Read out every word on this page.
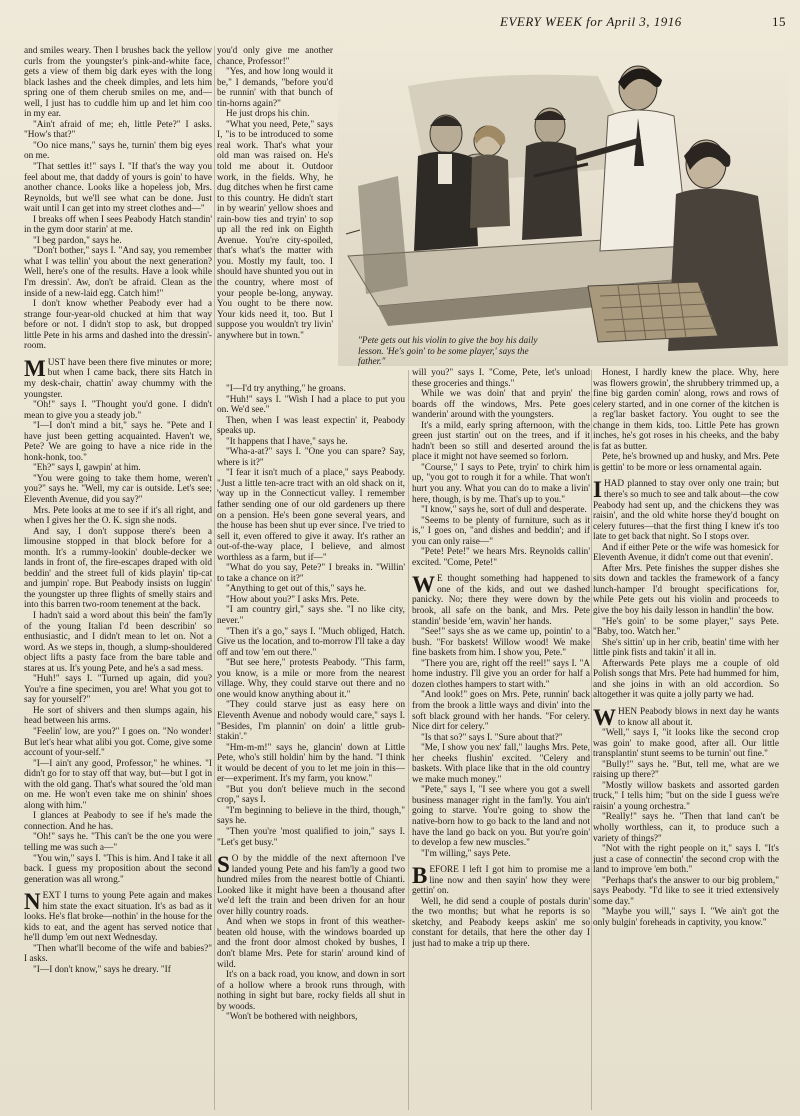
EVERY WEEK for April 3, 1916	15
"Pete gets out his violin to give the boy his daily lesson. 'He's goin' to be some player,' says the father."

and smiles weary. Then I brushes back the yellow curls from the youngster's pink-and-white face, gets a view of them big dark eyes with the long black lashes and the cheek dimples, and lets him spring one of them cherub smiles on me, and—well, I just has to cuddle him up and let him coo in my ear.

"Ain't afraid of me; eh, little Pete?" I asks. "How's that?"

"Oo nice mans," says he, turnin' them big eyes on me.

"That settles it!" says I. "If that's the way you feel about me, that daddy of yours is goin' to have another chance. Looks like a hopeless job, Mrs. Reynolds, but we'll see what can be done. Just wait until I can get into my street clothes and—"

I breaks off when I sees Peabody Hatch standin' in the gym door starin' at me.

"I beg pardon," says he.

"Don't bother," says I. "And say, you remember what I was tellin' you about the next generation? Well, here's one of the results. Have a look while I'm dressin'. Aw, don't be afraid. Clean as the inside of a new-laid egg. Catch him!"

I don't know whether Peabody ever had a strange four-year-old chucked at him that way before or not. I didn't stop to ask, but dropped little Pete in his arms and dashed into the dressin'-room.

MUST have been there five minutes or more; but when I came back, there sits Hatch in my desk-chair, chattin' away chummy with the youngster.

"Oh!" says I. "Thought you'd gone. I didn't mean to give you a steady job."

"I—I don't mind a bit," says he. "Pete and I have just been getting acquainted. Haven't we, Pete? We are going to have a nice ride in the honk-honk, too."

"Eh?" says I, gawpin' at him.

"You were going to take them home, weren't you?" says he. "Well, my car is outside. Let's see; Eleventh Avenue, did you say?"

Mrs. Pete looks at me to see if it's all right, and when I gives her the O. K. sign she nods.

And say, I don't suppose there's been a limousine stopped in that block before for a month. It's a rummy-lookin' double-decker we lands in front of, the fire-escapes draped with old beddin' and the street full of kids playin' tip-cat and jumpin' rope. But Peabody insists on luggin' the youngster up three flights of smelly stairs and into this barren two-room tenement at the back.

I hadn't said a word about this bein' the fam'ly of the young Italian I'd been describin' so enthusiastic, and I didn't mean to let on. Not a word. As we steps in, though, a slump-shouldered object lifts a pasty face from the bare table and stares at us. It's young Pete, and he's a sad mess.

"Huh!" says I. "Turned up again, did you? You're a fine specimen, you are! What you got to say for yourself?"

He sort of shivers and then slumps again, his head between his arms.

"Feelin' low, are you?" I goes on. "No wonder! But let's hear what alibi you got. Come, give some account of your-self."

"I—I ain't any good, Professor," he whines. "I didn't go for to stay off that way, but—but I got in with the old gang. That's what soured the 'old man on me. He won't even take me on shinin' shoes along with him."

I glances at Peabody to see if he's made the connection. And he has.

"Oh!" says he. "This can't be the one you were telling me was such a—"

"You win," says I. "This is him. And I take it all back. I guess my proposition about the second generation was all wrong."

NEXT I turns to young Pete again and makes him state the exact situation. It's as bad as it looks. He's flat broke—nothin' in the house for the kids to eat, and the agent has served notice that he'll dump 'em out next Wednesday.

"Then what'll become of the wife and babies?" I asks.

"I—I don't know," says he dreary. "If

you'd only give me another chance, Professor!"

"Yes, and how long would it be," I demands, "before you'd be runnin' with that bunch of tin-horns again?"

He just drops his chin.

"What you need, Pete," says I, "is to be introduced to some real work. That's what your old man was raised on. He's told me about it. Outdoor work, in the fields. Why, he dug ditches when he first came to this country. He didn't start in by wearin' yellow shoes and rain-bow ties and tryin' to sop up all the red ink on Eighth Avenue. You're city-spoiled, that's what's the matter with you. Mostly my fault, too. I should have shunted you out in the country, where most of your people be-long, anyway. You ought to be there now. Your kids need it, too. But I suppose you wouldn't try livin' anywhere but in town."

"I—I'd try anything," he groans.

"Huh!" says I. "Wish I had a place to put you on. We'd see."

Then, when I was least expectin' it, Peabody speaks up.

"It happens that I have," says he.

"Wha-a-at?" says I. "One you can spare? Say, where is it?"

"I fear it isn't much of a place," says Peabody. "Just a little ten-acre tract with an old shack on it, 'way up in the Connecticut valley. I remember father sending one of our old gardeners up there on a pension. He's been gone several years, and the house has been shut up ever since. I've tried to sell it, even offered to give it away. It's rather an out-of-the-way place, I believe, and almost worthless as a farm, but if—"

"What do you say, Pete?" I breaks in. "Willin' to take a chance on it?"

"Anything to get out of this," says he.

"How about you?" I asks Mrs. Pete.

"I am country girl," says she. "I no like city, never."

"Then it's a go," says I. "Much obliged, Hatch. Give us the location, and to-morrow I'll take a day off and tow 'em out there."

"But see here," protests Peabody. "This farm, you know, is a mile or more from the nearest village. Why, they could starve out there and no one would know anything about it."

"They could starve just as easy here on Eleventh Avenue and nobody would care," says I. "Besides, I'm plannin' on doin' a little grub-stakin'."

"Hm-m-m!" says he, glancin' down at Little Pete, who's still holdin' him by the hand. "I think it would be decent of you to let me join in this—er—experiment. It's my farm, you know."

"But you don't believe much in the second crop," says I.

"I'm beginning to believe in the third, though," says he.

"Then you're 'most qualified to join," says I. "Let's get busy."

S O by the middle of the next afternoon I've landed young Pete and his fam'ly a good two hundred miles from the nearest bottle of Chianti. Looked like it might have been a thousand after we'd left the train and been driven for an hour over hilly country roads.

And when we stops in front of this weather-beaten old house, with the windows boarded up and the front door almost choked by bushes, I don't blame Mrs. Pete for starin' around kind of wild.

It's on a back road, you know, and down in sort of a hollow where a brook runs through, with nothing in sight but bare, rocky fields all shut in by woods.

"Won't be bothered with neighbors,

will you?" says I. "Come, Pete, let's unload these groceries and things."

While we was doin' that and pryin' the boards off the windows, Mrs. Pete goes wanderin' around with the youngsters.

It's a mild, early spring afternoon, with the green just startin' out on the trees, and if it hadn't been so still and deserted around the place it might not have seemed so forlorn.

"Course," I says to Pete, tryin' to chirk him up, "you got to rough it for a while. That won't hurt you any. What you can do to make a livin' here, though, is by me. That's up to you."

"I know," says he, sort of dull and desperate.

"Seems to be plenty of furniture, such as it is," I goes on, "and dishes and beddin'; and if you can only raise—"

"Pete! Pete!" we hears Mrs. Reynolds callin' excited. "Come, Pete!"

W E thought something had happened to one of the kids, and out we dashed panicky. No; there they were down by the brook, all safe on the bank, and Mrs. Pete standin' beside 'em, wavin' her hands.

"See!" says she as we came up, pointin' to a bush. "For baskets! Willow wood! We make fine baskets from him. I show you, Pete."

"There you are, right off the reel!" says I. "A home industry. I'll give you an order for half a dozen clothes hampers to start with."

"And look!" goes on Mrs. Pete, runnin' back from the brook a little ways and divin' into the soft black ground with her hands. "For celery. Nice dirt for celery."

"Is that so?" says I. "Sure about that?"

"Me, I show you nex' fall," laughs Mrs. Pete, her cheeks flushin' excited. "Celery and baskets. With place like that in the old country we make much money."

"Pete," says I, "I see where you got a swell business manager right in the fam'ly. You ain't going to starve. You're going to show the native-born how to go back to the land and not have the land go back on you. But you're goin' to develop a few new muscles."

"I'm willing," says Pete.

BEFORE I left I got him to promise me a line now and then sayin' how they were gettin' on.

Well, he did send a couple of postals durin' the two months; but what he reports is so sketchy, and Peabody keeps askin' me so constant for details, that here the other day I just had to make a trip up there.

Honest, I hardly knew the place. Why, here was flowers growin', the shrubbery trimmed up, a fine big garden comin' along, rows and rows of celery started, and in one corner of the kitchen is a reg'lar basket factory. You ought to see the change in them kids, too. Little Pete has grown inches, he's got roses in his cheeks, and the baby is fat as butter.

Pete, he's browned up and husky, and Mrs. Pete is gettin' to be more or less ornamental again.

IHAD planned to stay over only one train; but there's so much to see and talk about—the cow Peabody had sent up, and the chickens they was raisin', and the old white horse they'd bought on celery futures—that the first thing I knew it's too late to get back that night. So I stops over.

And if either Pete or the wife was homesick for Eleventh Avenue, it didn't come out that evenin'.

After Mrs. Pete finishes the supper dishes she sits down and tackles the framework of a fancy lunch-hamper I'd brought specifications for, while Pete gets out his violin and proceeds to give the boy his daily lesson in handlin' the bow.

"He's goin' to be some player," says Pete. "Baby, too. Watch her."

She's sittin' up in her crib, beatin' time with her little pink fists and takin' it all in.

Afterwards Pete plays me a couple of old Polish songs that Mrs. Pete had hummed for him, and she joins in with an old accordion. So altogether it was quite a jolly party we had.

WHEN Peabody blows in next day he wants to know all about it.

"Well," says I, "it looks like the second crop was goin' to make good, after all. Our little transplantin' stunt seems to be turnin' out fine."

"Bully!" says he. "But, tell me, what are we raising up there?"

"Mostly willow baskets and assorted garden truck," I tells him; "but on the side I guess we're raisin' a young orchestra."

"Really!" says he. "Then that land can't be wholly worthless, can it, to produce such a variety of things?"

"Not with the right people on it," says I. "It's just a case of connectin' the second crop with the land to improve 'em both."

"Perhaps that's the answer to our big problem," says Peabody. "I'd like to see it tried extensively some day."

"Maybe you will," says I. "We ain't got the only bulgin' foreheads in captivity, you know."
